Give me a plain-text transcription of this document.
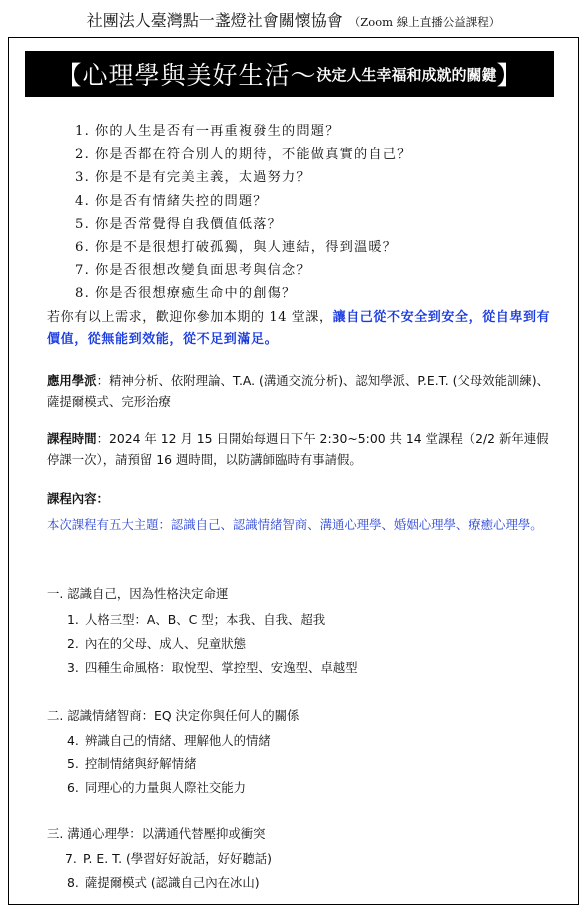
社團法人臺灣點一盞燈社會關懷協會 （Zoom 線上直播公益課程）
【 心理學與美好生活～ 決定人生幸福和成就的關鍵 】
1. 你的人生是否有一再重複發生的問題？
2. 你是否都在符合別人的期待，不能做真實的自己？
3. 你是不是有完美主義，太過努力？
4. 你是否有情緒失控的問題？
5. 你是否常覺得自我價值低落？
6. 你是不是很想打破孤獨，與人連結，得到溫暖？
7. 你是否很想改變負面思考與信念？
8. 你是否很想療癒生命中的創傷？

若你有以上需求，歡迎你參加本期的 14 堂課，讓自己從不安全到安全，從自卑到有價值，從無能到效能，從不足到滿足。

應用學派：精神分析、依附理論、T.A. (溝通交流分析)、認知學派、P.E.T. (父母效能訓練)、薩提爾模式、完形治療

課程時間：2024 年 12 月 15 日開始每週日下午 2:30~5:00 共 14 堂課程（2/2 新年連假停課一次），請預留 16 週時間，以防講師臨時有事請假。

課程內容：
本次課程有五大主題：認識自己、認識情緒智商、溝通心理學、婚姻心理學、療癒心理學。
一. 認識自己，因為性格決定命運
1. 人格三型：A、B、C 型；本我、自我、超我
2. 內在的父母、成人、兒童狀態
3. 四種生命風格：取悅型、掌控型、安逸型、卓越型
二. 認識情緒智商：EQ 決定你與任何人的關係
4. 辨識自己的情緒、理解他人的情緒
5. 控制情緒與紓解情緒
6. 同理心的力量與人際社交能力
三. 溝通心理學：以溝通代替壓抑或衝突
7. P. E. T. (學習好好說話，好好聽話)
8. 薩提爾模式 (認識自己內在冰山)
